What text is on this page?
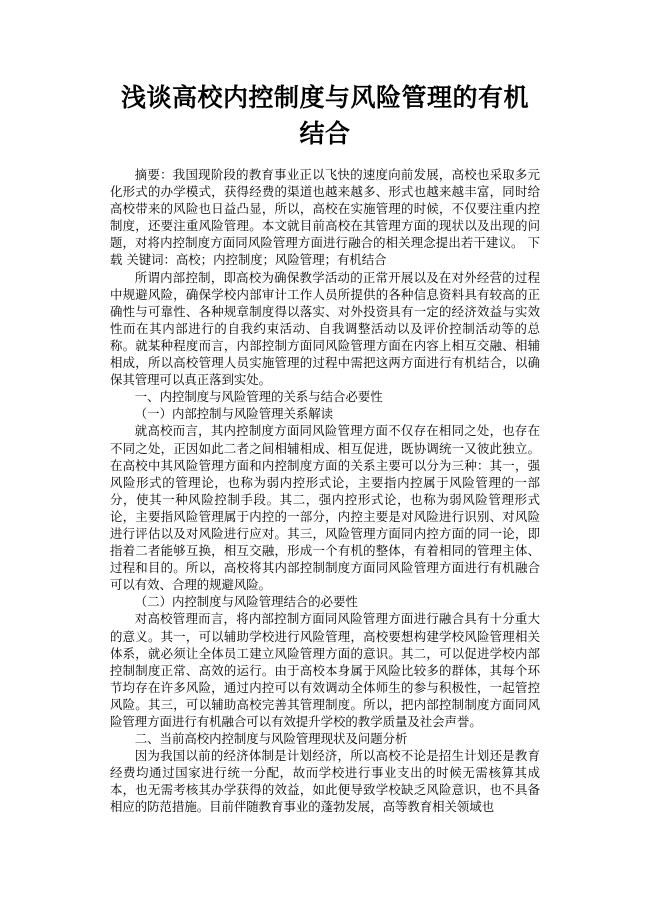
浅谈高校内控制度与风险管理的有机结合

摘要：我国现阶段的教育事业正以飞快的速度向前发展，高校也采取多元化形式的办学模式，获得经费的渠道也越来越多、形式也越来越丰富，同时给高校带来的风险也日益凸显，所以，高校在实施管理的时候，不仅要注重内控制度，还要注重风险管理。本文就目前高校在其管理方面的现状以及出现的问题，对将内控制度方面同风险管理方面进行融合的相关理念提出若干建议。 下载 关键词：高校；内控制度；风险管理；有机结合

所谓内部控制，即高校为确保教学活动的正常开展以及在对外经营的过程中规避风险，确保学校内部审计工作人员所提供的各种信息资料具有较高的正确性与可靠性、各种规章制度得以落实、对外投资具有一定的经济效益与实效性而在其内部进行的自我约束活动、自我调整活动以及评价控制活动等的总称。就某种程度而言，内部控制方面同风险管理方面在内容上相互交融、相辅相成，所以高校管理人员实施管理的过程中需把这两方面进行有机结合，以确保其管理可以真正落到实处。

一、内控制度与风险管理的关系与结合必要性

（一）内部控制与风险管理关系解读

就高校而言，其内控制度方面同风险管理方面不仅存在相同之处，也存在不同之处，正因如此二者之间相辅相成、相互促进，既协调统一又彼此独立。在高校中其风险管理方面和内控制度方面的关系主要可以分为三种：其一，强风险形式的管理论，也称为弱内控形式论，主要指内控属于风险管理的一部分，使其一种风险控制手段。其二，强内控形式论，也称为弱风险管理形式论，主要指风险管理属于内控的一部分，内控主要是对风险进行识别、对风险进行评估以及对风险进行应对。其三，风险管理方面同内控方面的同一论，即指着二者能够互换，相互交融，形成一个有机的整体，有着相同的管理主体、过程和目的。所以，高校将其内部控制制度方面同风险管理方面进行有机融合可以有效、合理的规避风险。

（二）内控制度与风险管理结合的必要性

对高校管理而言，将内部控制方面同风险管理方面进行融合具有十分重大的意义。其一，可以辅助学校进行风险管理，高校要想构建学校风险管理相关体系，就必须让全体员工建立风险管理方面的意识。其二，可以促进学校内部控制制度正常、高效的运行。由于高校本身属于风险比较多的群体，其每个环节均存在许多风险，通过内控可以有效调动全体师生的参与积极性，一起管控风险。其三，可以辅助高校完善其管理制度。所以，把内部控制制度方面同风险管理方面进行有机融合可以有效提升学校的教学质量及社会声誉。

二、当前高校内控制度与风险管理现状及问题分析

因为我国以前的经济体制是计划经济，所以高校不论是招生计划还是教育经费均通过国家进行统一分配，故而学校进行事业支出的时候无需核算其成本，也无需考核其办学获得的效益，如此便导致学校缺乏风险意识，也不具备相应的防范措施。目前伴随教育事业的蓬勃发展，高等教育相关领域也
